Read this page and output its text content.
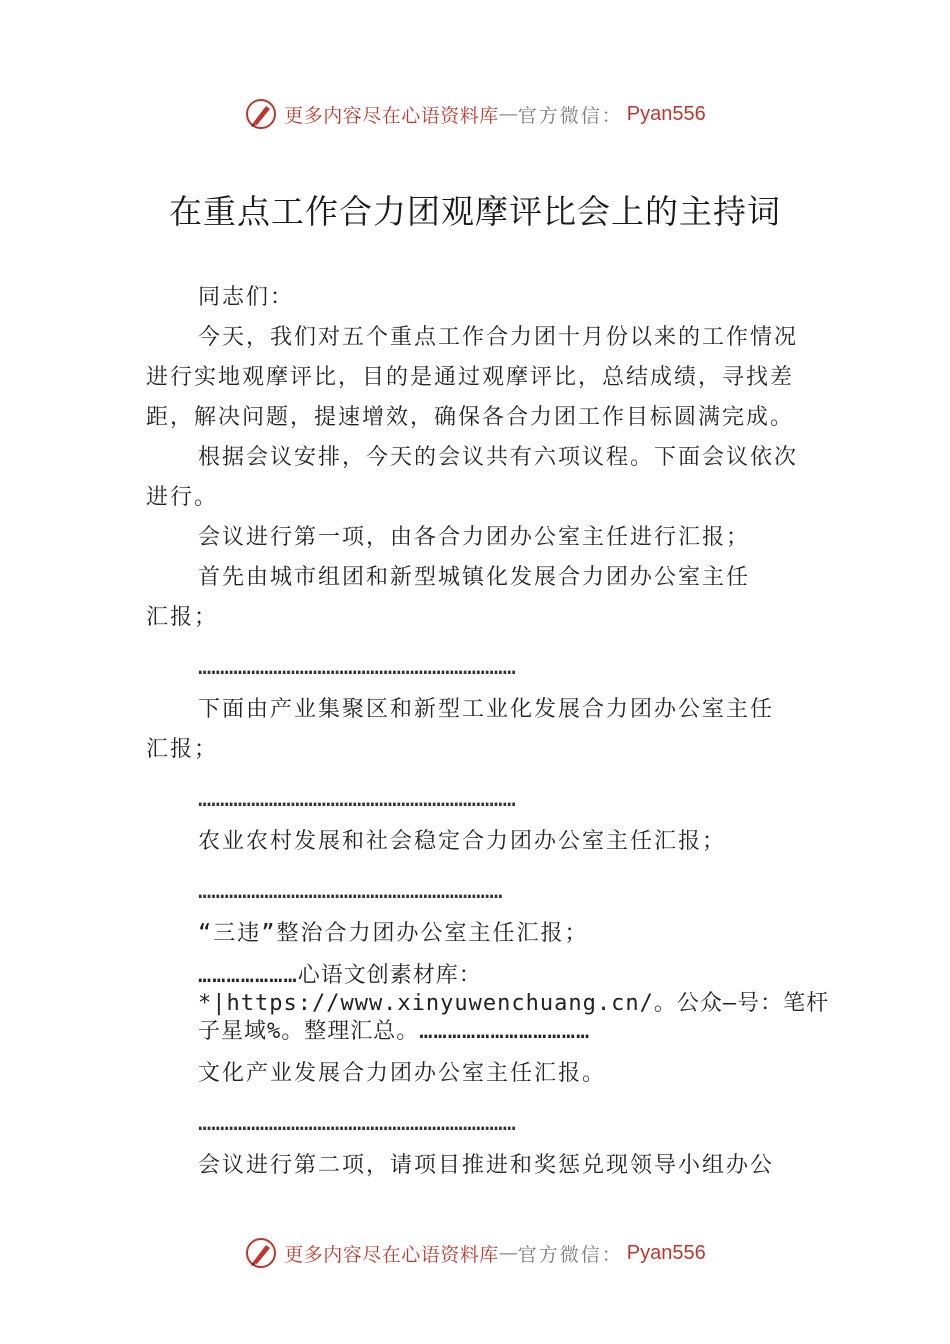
更多内容尽在心语资料库 — 官方微信： Pyan556
在重点工作合力团观摩评比会上的主持词

同志们：

今天，我们对五个重点工作合力团十月份以来的工作情况进行实地观摩评比，目的是通过观摩评比，总结成绩，寻找差距，解决问题，提速增效，确保各合力团工作目标圆满完成。

根据会议安排，今天的会议共有六项议程。下面会议依次进行。

会议进行第一项，由各合力团办公室主任进行汇报；

首先由城市组团和新型城镇化发展合力团办公室主任汇报；

………………………………………………………………

下面由产业集聚区和新型工业化发展合力团办公室主任汇报；

………………………………………………………………

农业农村发展和社会稳定合力团办公室主任汇报；

……………………………………………………………

“三违”整治合力团办公室主任汇报；

…………………心语文创素材库：*|https://www.xinyuwenchuang.cn/。公众—号：笔杆子星域%。整理汇总。………………………………

文化产业发展合力团办公室主任汇报。

………………………………………………………………

会议进行第二项，请项目推进和奖惩兑现领导小组办公

更多内容尽在心语资料库 — 官方微信： Pyan556
